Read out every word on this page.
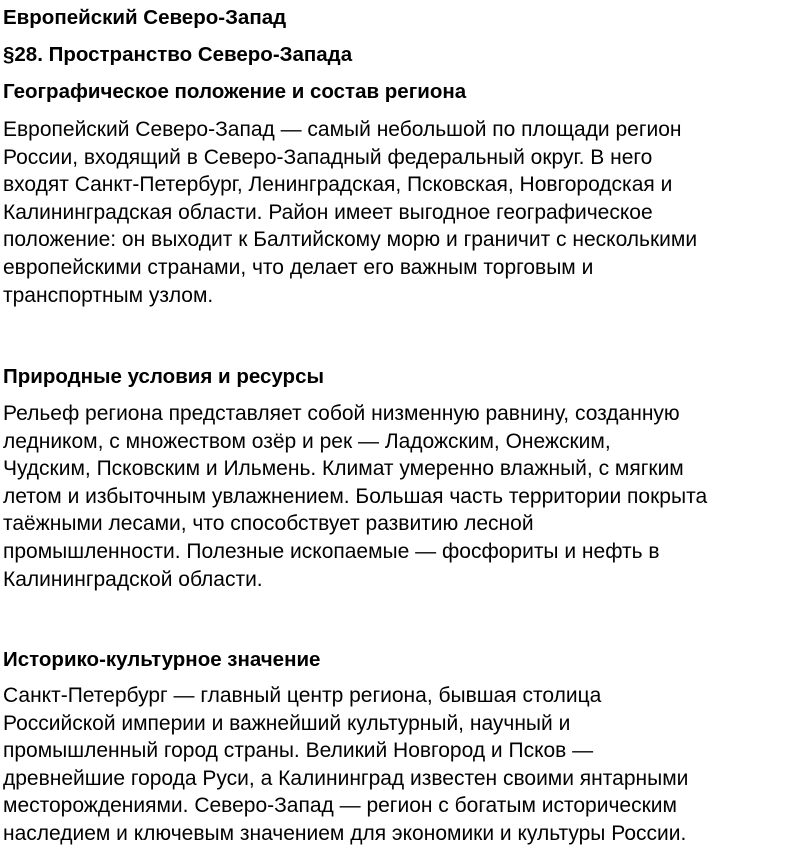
Европейский Северо-Запад
§28. Пространство Северо-Запада
Географическое положение и состав региона

Европейский Северо-Запад — самый небольшой по площади регион
России, входящий в Северо-Западный федеральный округ. В него
входят Санкт-Петербург, Ленинградская, Псковская, Новгородская и
Калининградская области. Район имеет выгодное географическое
положение: он выходит к Балтийскому морю и граничит с несколькими
европейскими странами, что делает его важным торговым и
транспортным узлом.

Природные условия и ресурсы

Рельеф региона представляет собой низменную равнину, созданную
ледником, с множеством озёр и рек — Ладожским, Онежским,
Чудским, Псковским и Ильмень. Климат умеренно влажный, с мягким
летом и избыточным увлажнением. Большая часть территории покрыта
таёжными лесами, что способствует развитию лесной
промышленности. Полезные ископаемые — фосфориты и нефть в
Калининградской области.

Историко-культурное значение

Санкт-Петербург — главный центр региона, бывшая столица
Российской империи и важнейший культурный, научный и
промышленный город страны. Великий Новгород и Псков —
древнейшие города Руси, а Калининград известен своими янтарными
месторождениями. Северо-Запад — регион с богатым историческим
наследием и ключевым значением для экономики и культуры России.
